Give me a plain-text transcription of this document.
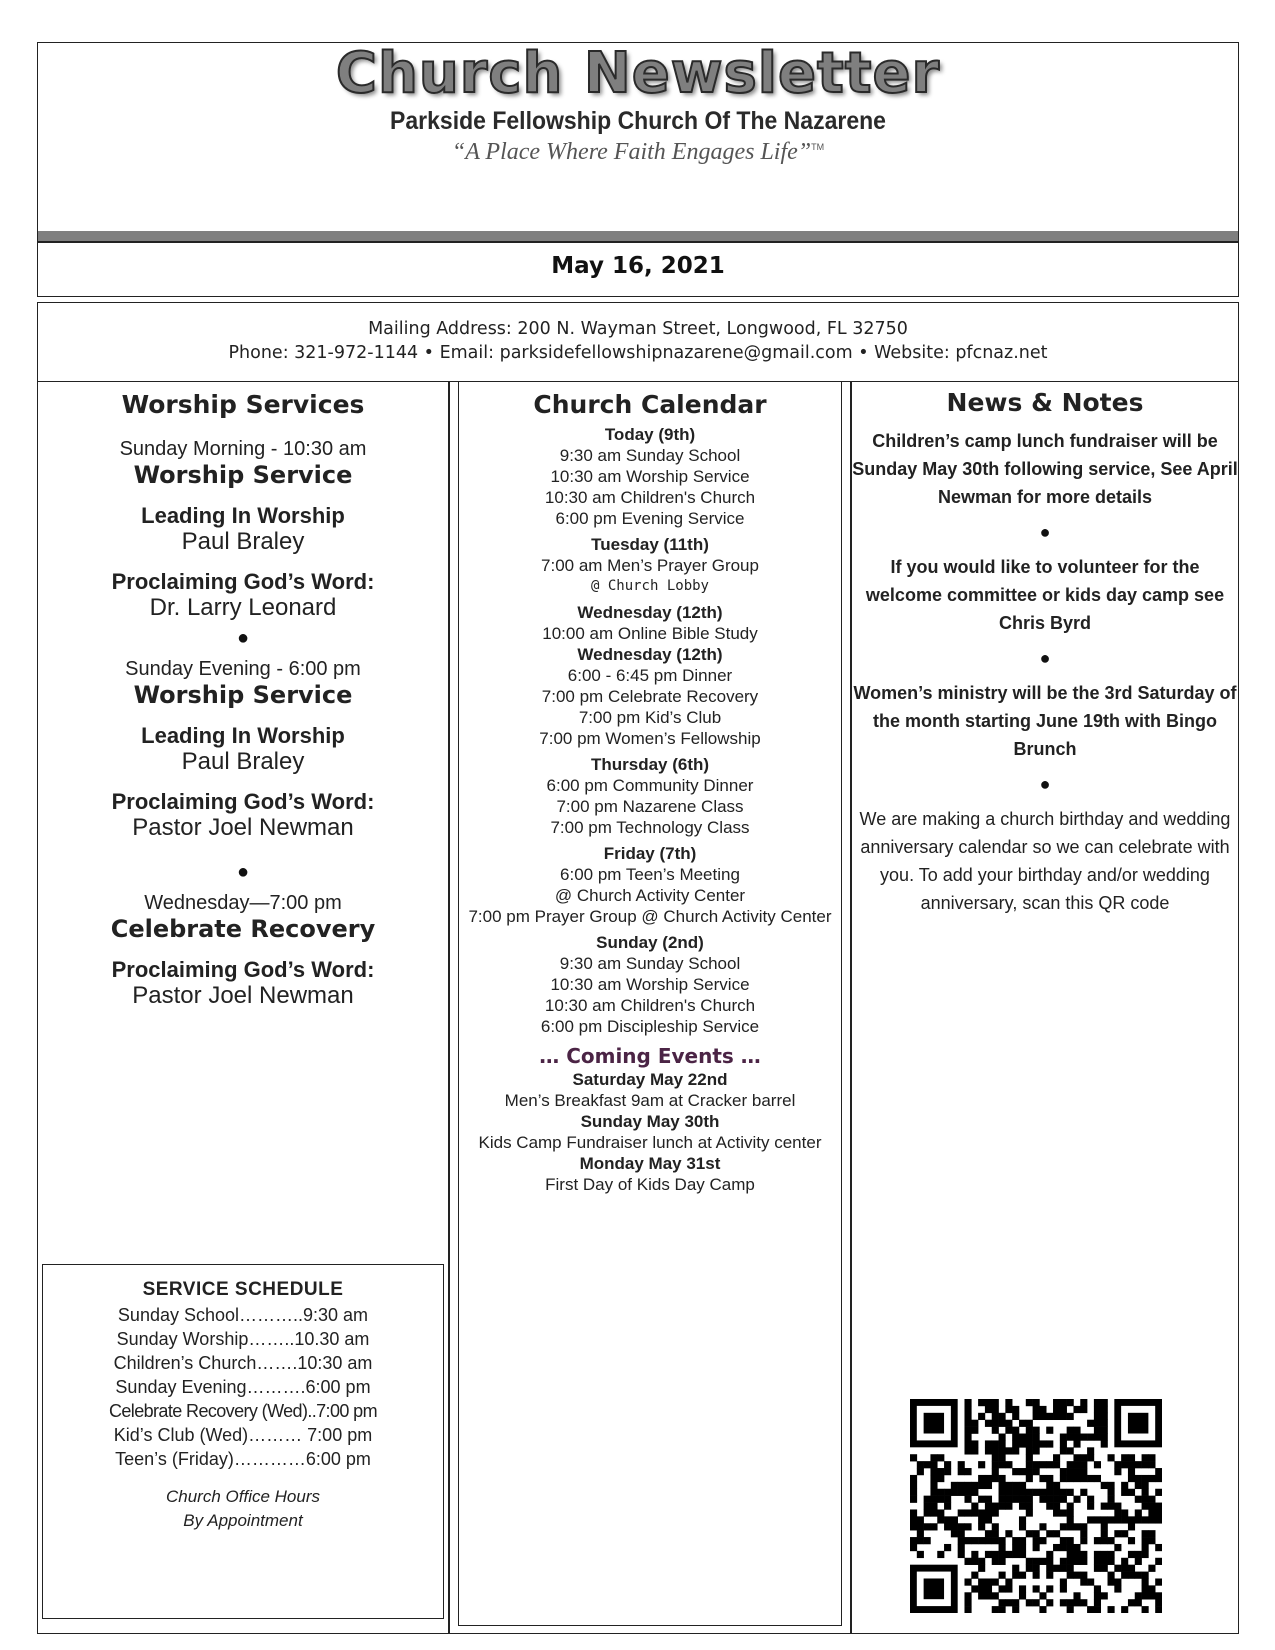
Church Newsletter
Parkside Fellowship Church Of The Nazarene
“A Place Where Faith Engages Life”™
May 16, 2021
Mailing Address: 200 N. Wayman Street, Longwood, FL 32750
Phone: 321-972-1144 • Email: parksidefellowshipnazarene@gmail.com • Website: pfcnaz.net
Worship Services
Sunday Morning - 10:30 am
Worship Service
Leading In Worship
Paul Braley
Proclaiming God’s Word:
Dr. Larry Leonard
●
Sunday Evening - 6:00 pm
Worship Service
Leading In Worship
Paul Braley
Proclaiming God’s Word:
Pastor Joel Newman
●
Wednesday—7:00 pm
Celebrate Recovery
Proclaiming God’s Word:
Pastor Joel Newman
SERVICE SCHEDULE
Sunday School………..9:30 am
Sunday Worship……..10.30 am
Children’s Church…….10:30 am
Sunday Evening……….6:00 pm
Celebrate Recovery (Wed)..7:00 pm
Kid’s Club (Wed)……… 7:00 pm
Teen’s (Friday)…………6:00 pm
Church Office Hours
By Appointment
Church Calendar
Today (9th)
9:30 am Sunday School
10:30 am Worship Service
10:30 am Children's Church
6:00 pm Evening Service
Tuesday (11th)
7:00 am Men’s Prayer Group
@ Church Lobby
Wednesday (12th)
10:00 am Online Bible Study
Wednesday (12th)
6:00 - 6:45 pm Dinner
7:00 pm Celebrate Recovery
7:00 pm Kid’s Club
7:00 pm Women’s Fellowship
Thursday (6th)
6:00 pm Community Dinner
7:00 pm Nazarene Class
7:00 pm Technology Class
Friday (7th)
6:00 pm Teen’s Meeting
@ Church Activity Center
7:00 pm Prayer Group @ Church Activity Center
Sunday (2nd)
9:30 am Sunday School
10:30 am Worship Service
10:30 am Children's Church
6:00 pm Discipleship Service
… Coming Events …
Saturday May 22nd
Men’s Breakfast 9am at Cracker barrel
Sunday May 30th
Kids Camp Fundraiser lunch at Activity center
Monday May 31st
First Day of Kids Day Camp
News & Notes
Children’s camp lunch fundraiser will be Sunday May 30th following service, See April Newman for more details
●
If you would like to volunteer for the welcome committee or kids day camp see Chris Byrd
●
Women’s ministry will be the 3rd Saturday of the month starting June 19th with Bingo Brunch
●
We are making a church birthday and wedding anniversary calendar so we can celebrate with you. To add your birthday and/or wedding anniversary, scan this QR code
